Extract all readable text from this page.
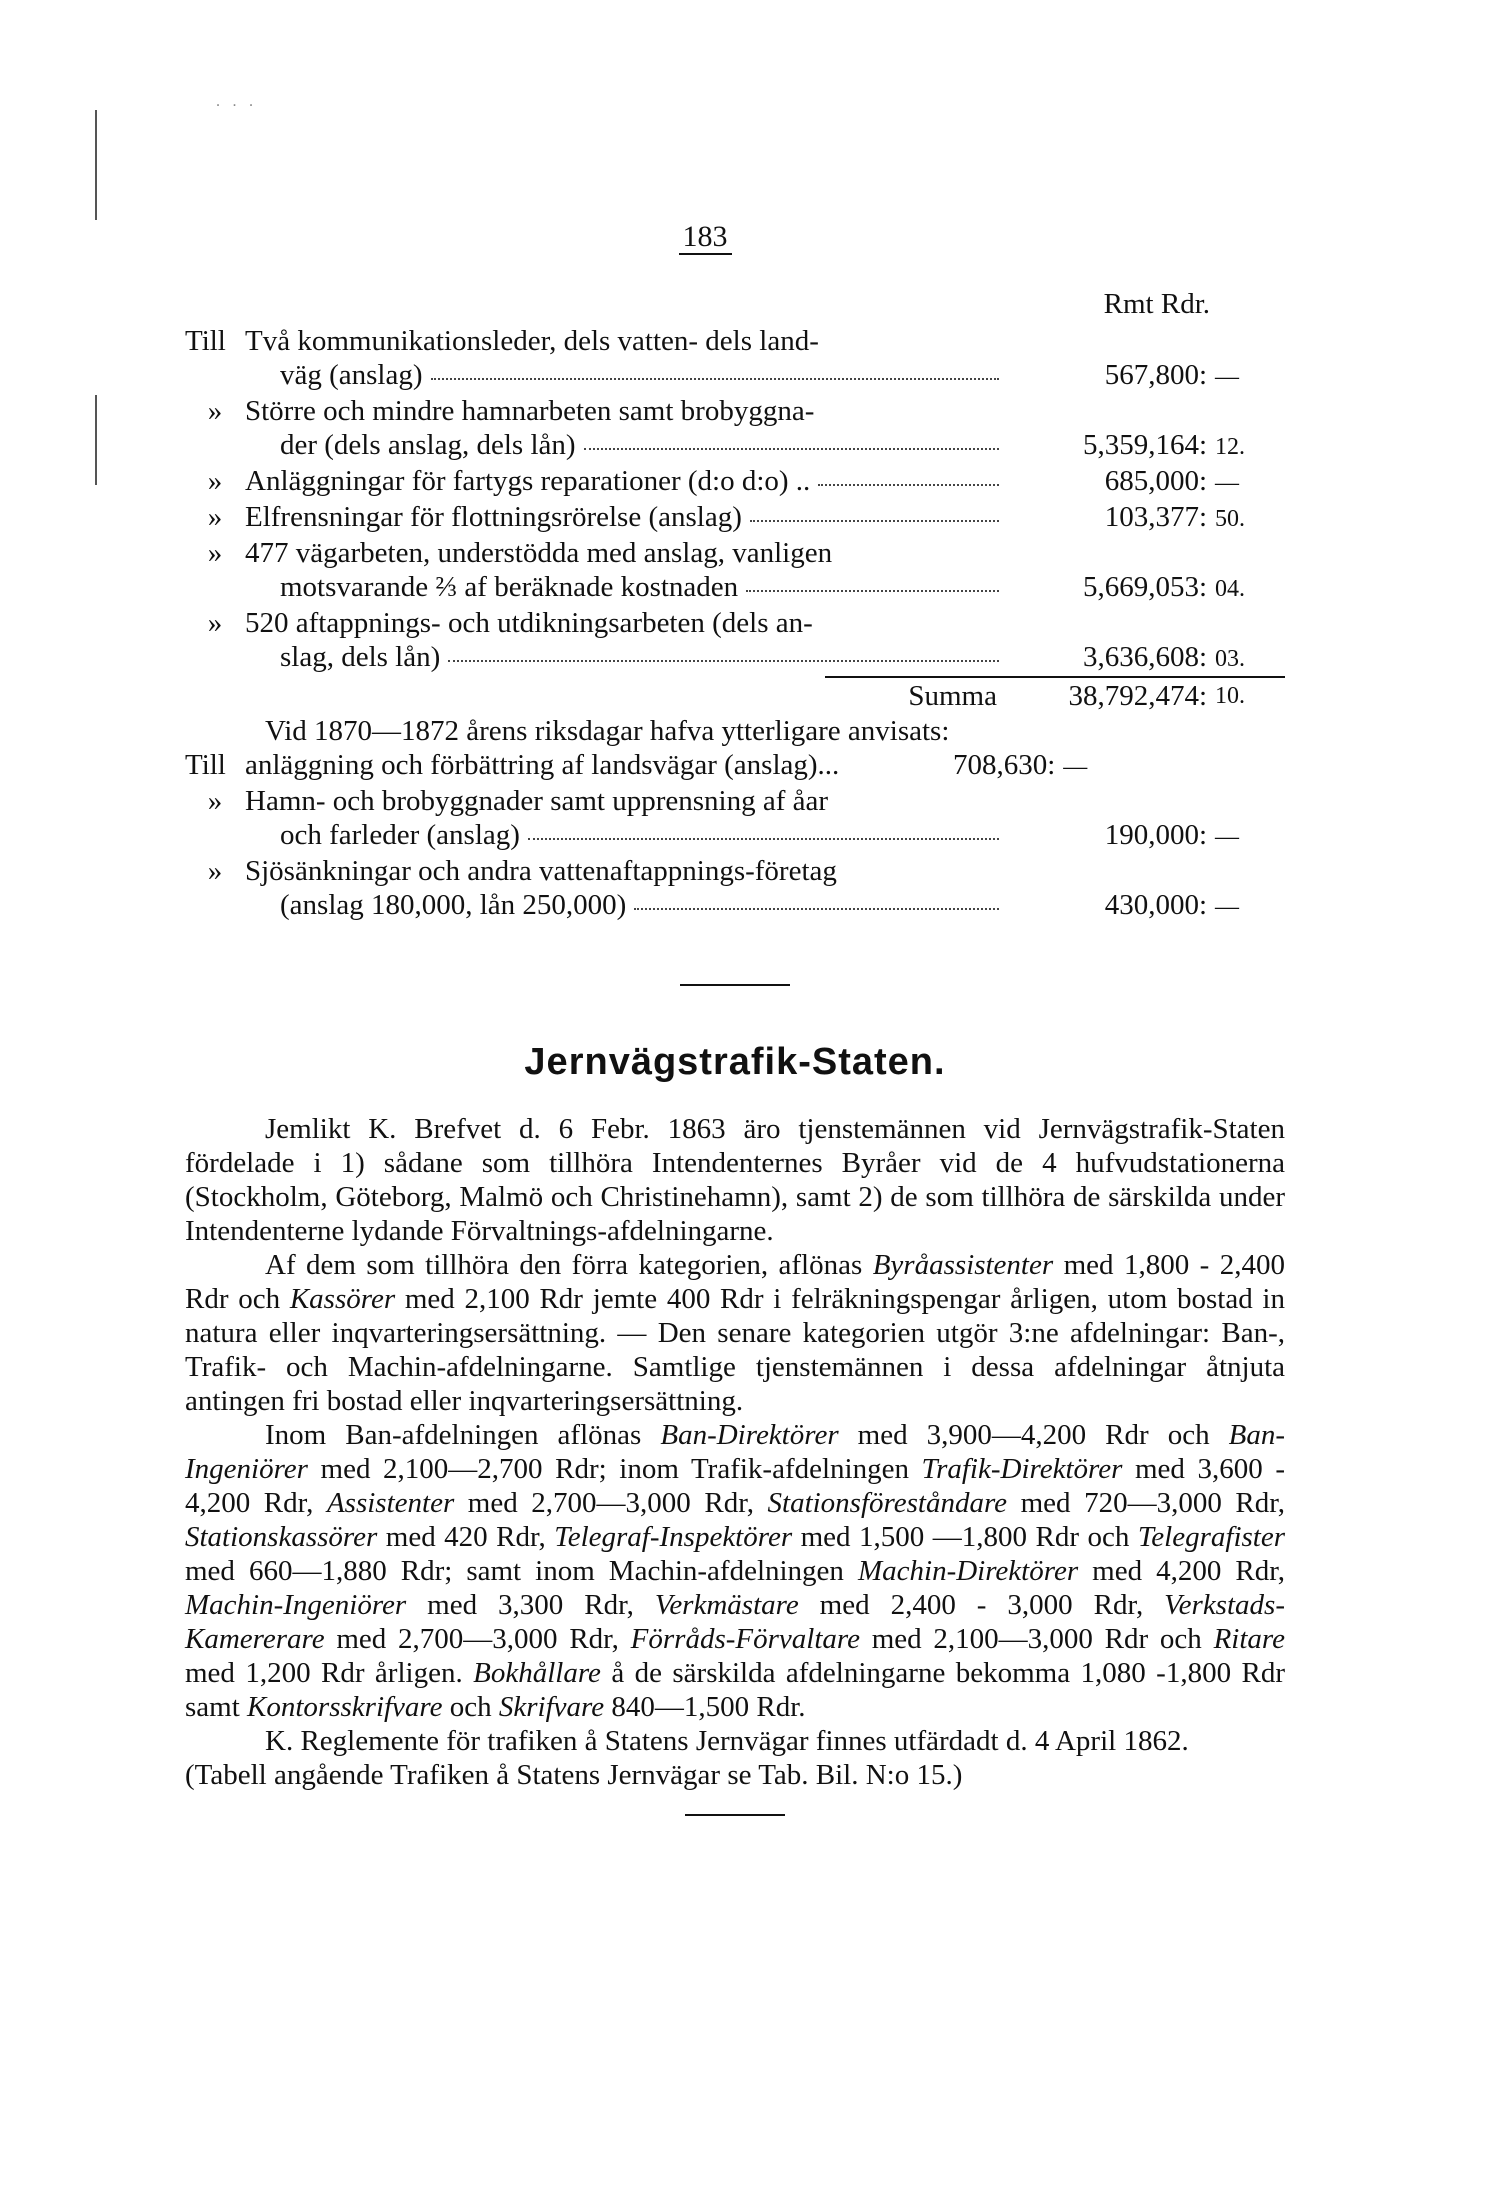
˙ ˙ ˙
183
Rmt Rdr.
Till Två kommunikationsleder, dels vatten- dels land-
väg (anslag)	567,800: —
» Större och mindre hamnarbeten samt brobyggna-
der (dels anslag, dels lån)	5,359,164: 12.
» Anläggningar för fartygs reparationer (d:o d:o) ..	685,000: —
» Elfrensningar för flottningsrörelse (anslag)	103,377: 50.
» 477 vägarbeten, understödda med anslag, vanligen
motsvarande ⅔ af beräknade kostnaden	5,669,053: 04.
» 520 aftappnings- och utdikningsarbeten (dels an-
slag, dels lån)	3,636,608: 03.
Summa	38,792,474: 10.
Vid 1870—1872 årens riksdagar hafva ytterligare anvisats:
Till anläggning och förbättring af landsvägar (anslag)...	708,630: —
» Hamn- och brobyggnader samt upprensning af åar
och farleder (anslag)	190,000: —
» Sjösänkningar och andra vattenaftappnings-företag
(anslag 180,000, lån 250,000)	430,000: —
Jernvägstrafik-Staten.

Jemlikt K. Brefvet d. 6 Febr. 1863 äro tjenstemännen vid Jernvägstrafik-Staten fördelade i 1) sådane som tillhöra Intendenternes Byråer vid de 4 hufvudstationerna (Stockholm, Göteborg, Malmö och Christinehamn), samt 2) de som tillhöra de särskilda under Intendenterne lydande Förvaltnings-afdelningarne.

Af dem som tillhöra den förra kategorien, aflönas Byråassistenter med 1,800 - 2,400 Rdr och Kassörer med 2,100 Rdr jemte 400 Rdr i felräkningspengar årligen, utom bostad in natura eller inqvarteringsersättning. — Den senare kategorien utgör 3:ne afdelningar: Ban-, Trafik- och Machin-afdelningarne. Samtlige tjenstemännen i dessa afdelningar åtnjuta antingen fri bostad eller inqvarteringsersättning.

Inom Ban-afdelningen aflönas Ban-Direktörer med 3,900—4,200 Rdr och Ban-Ingeniörer med 2,100—2,700 Rdr; inom Trafik-afdelningen Trafik-Direktörer med 3,600 - 4,200 Rdr, Assistenter med 2,700—3,000 Rdr, Stationsföreståndare med 720—3,000 Rdr, Stationskassörer med 420 Rdr, Telegraf-Inspektörer med 1,500 —1,800 Rdr och Telegrafister med 660—1,880 Rdr; samt inom Machin-afdelningen Machin-Direktörer med 4,200 Rdr, Machin-Ingeniörer med 3,300 Rdr, Verkmästare med 2,400 - 3,000 Rdr, Verkstads-Kamererare med 2,700—3,000 Rdr, Förråds-Förvaltare med 2,100—3,000 Rdr och Ritare med 1,200 Rdr årligen. Bokhållare å de särskilda afdelningarne bekomma 1,080 -1,800 Rdr samt Kontorsskrifvare och Skrifvare 840—1,500 Rdr.

K. Reglemente för trafiken å Statens Jernvägar finnes utfärdadt d. 4 April 1862.

(Tabell angående Trafiken å Statens Jernvägar se Tab. Bil. N:o 15.)
